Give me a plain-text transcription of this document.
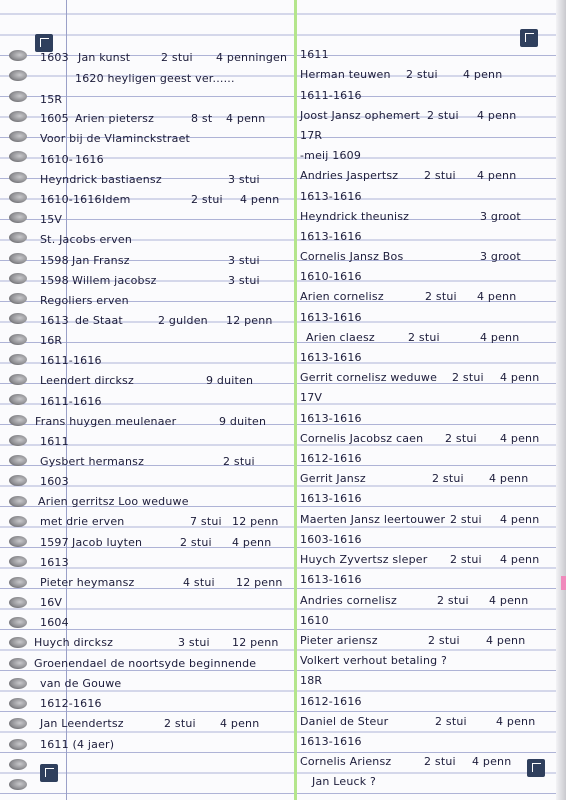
1603 Jan kunst	2 stui 4 penningen
1620 heyligen geest ver......
15R
1605 Arien pietersz	8 st 4 penn
Voor bij de Vlaminckstraet
1610- 1616
Heyndrick bastiaensz	3 stui
1610-1616 Idem	2 stui 4 penn
15V
St. Jacobs erven
1598 Jan Fransz	3 stui
1598 Willem jacobsz	3 stui
Regoliers erven
1613 de Staat	2 gulden 12 penn
16R
1611-1616
Leendert dircksz	9 duiten
1611-1616
Frans huygen meulenaer	9 duiten
1611
Gysbert hermansz	2 stui
1603
Arien gerritsz Loo weduwe
met drie erven	7 stui 12 penn
1597 Jacob luyten	2 stui 4 penn
1613
Pieter heymansz	4 stui 12 penn
16V
1604
Huych dircksz	3 stui 12 penn
Groenendael de noortsyde beginnende
van de Gouwe
1612-1616
Jan Leendertsz	2 stui 4 penn
1611 (4 jaer)
1611
Herman teuwen 2 stui 4 penn
1611-1616
Joost Jansz ophemert 2 stui 4 penn
17R
-meij 1609
Andries Jaspertsz 2 stui 4 penn
1613-1616
Heyndrick theunisz	3 groot
1613-1616
Cornelis Jansz Bos	3 groot
1610-1616
Arien cornelisz	2 stui 4 penn
1613-1616
Arien claesz	2 stui	4 penn
1613-1616
Gerrit cornelisz weduwe 2 stui 4 penn
17V
1613-1616
Cornelis Jacobsz caen 2 stui 4 penn
1612-1616
Gerrit Jansz	2 stui 4 penn
1613-1616
Maerten Jansz leertouwer 2 stui 4 penn
1603-1616
Huych Zyvertsz sleper 2 stui 4 penn
1613-1616
Andries cornelisz	2 stui 4 penn
1610
Pieter ariensz	2 stui 4 penn
Volkert verhout betaling ?
18R
1612-1616
Daniel de Steur	2 stui	4 penn
1613-1616
Cornelis Ariensz	2 stui 4 penn
Jan Leuck ?
